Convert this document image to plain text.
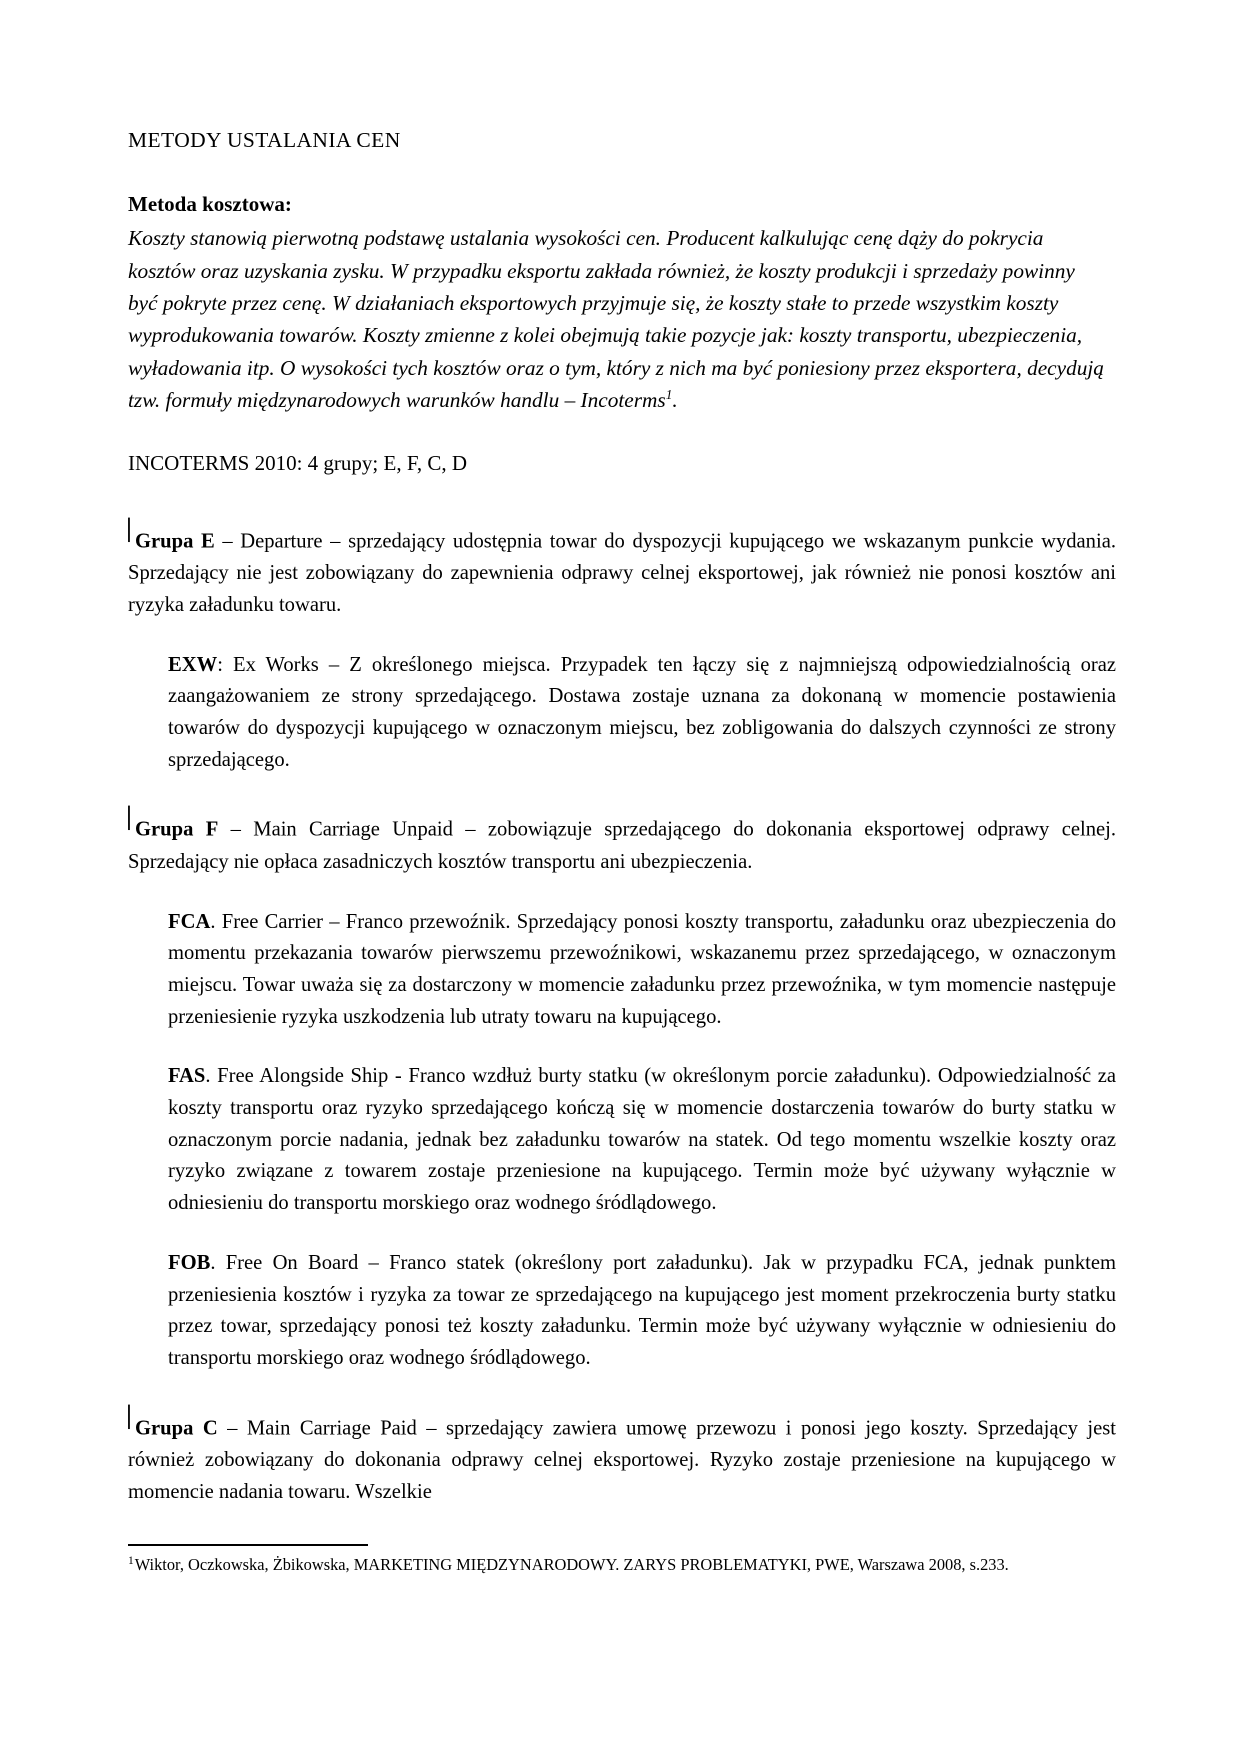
METODY USTALANIA CEN
Metoda kosztowa:

Koszty stanowią pierwotną podstawę ustalania wysokości cen. Producent kalkulując cenę dąży do pokrycia kosztów oraz uzyskania zysku. W przypadku eksportu zakłada również, że koszty produkcji i sprzedaży powinny być pokryte przez cenę. W działaniach eksportowych przyjmuje się, że koszty stałe to przede wszystkim koszty wyprodukowania towarów. Koszty zmienne z kolei obejmują takie pozycje jak: koszty transportu, ubezpieczenia, wyładowania itp. O wysokości tych kosztów oraz o tym, który z nich ma być poniesiony przez eksportera, decydują tzw. formuły międzynarodowych warunków handlu – Incoterms$^1$.

INCOTERMS 2010: 4 grupy; E, F, C, D

▏Grupa E – Departure – sprzedający udostępnia towar do dyspozycji kupującego we wskazanym punkcie wydania. Sprzedający nie jest zobowiązany do zapewnienia odprawy celnej eksportowej, jak również nie ponosi kosztów ani ryzyka załadunku towaru.

EXW: Ex Works – Z określonego miejsca. Przypadek ten łączy się z najmniejszą odpowiedzialnością oraz zaangażowaniem ze strony sprzedającego. Dostawa zostaje uznana za dokonaną w momencie postawienia towarów do dyspozycji kupującego w oznaczonym miejscu, bez zobligowania do dalszych czynności ze strony sprzedającego.

▏Grupa F – Main Carriage Unpaid – zobowiązuje sprzedającego do dokonania eksportowej odprawy celnej. Sprzedający nie opłaca zasadniczych kosztów transportu ani ubezpieczenia.

FCA. Free Carrier – Franco przewoźnik. Sprzedający ponosi koszty transportu, załadunku oraz ubezpieczenia do momentu przekazania towarów pierwszemu przewoźnikowi, wskazanemu przez sprzedającego, w oznaczonym miejscu. Towar uważa się za dostarczony w momencie załadunku przez przewoźnika, w tym momencie następuje przeniesienie ryzyka uszkodzenia lub utraty towaru na kupującego.

FAS. Free Alongside Ship - Franco wzdłuż burty statku (w określonym porcie załadunku). Odpowiedzialność za koszty transportu oraz ryzyko sprzedającego kończą się w momencie dostarczenia towarów do burty statku w oznaczonym porcie nadania, jednak bez załadunku towarów na statek. Od tego momentu wszelkie koszty oraz ryzyko związane z towarem zostaje przeniesione na kupującego. Termin może być używany wyłącznie w odniesieniu do transportu morskiego oraz wodnego śródlądowego.

FOB. Free On Board – Franco statek (określony port załadunku). Jak w przypadku FCA, jednak punktem przeniesienia kosztów i ryzyka za towar ze sprzedającego na kupującego jest moment przekroczenia burty statku przez towar, sprzedający ponosi też koszty załadunku. Termin może być używany wyłącznie w odniesieniu do transportu morskiego oraz wodnego śródlądowego.

▏Grupa C – Main Carriage Paid – sprzedający zawiera umowę przewozu i ponosi jego koszty. Sprzedający jest również zobowiązany do dokonania odprawy celnej eksportowej. Ryzyko zostaje przeniesione na kupującego w momencie nadania towaru. Wszelkie

$^1$Wiktor, Oczkowska, Żbikowska, MARKETING MIĘDZYNARODOWY. ZARYS PROBLEMATYKI, PWE, Warszawa 2008, s.233.
